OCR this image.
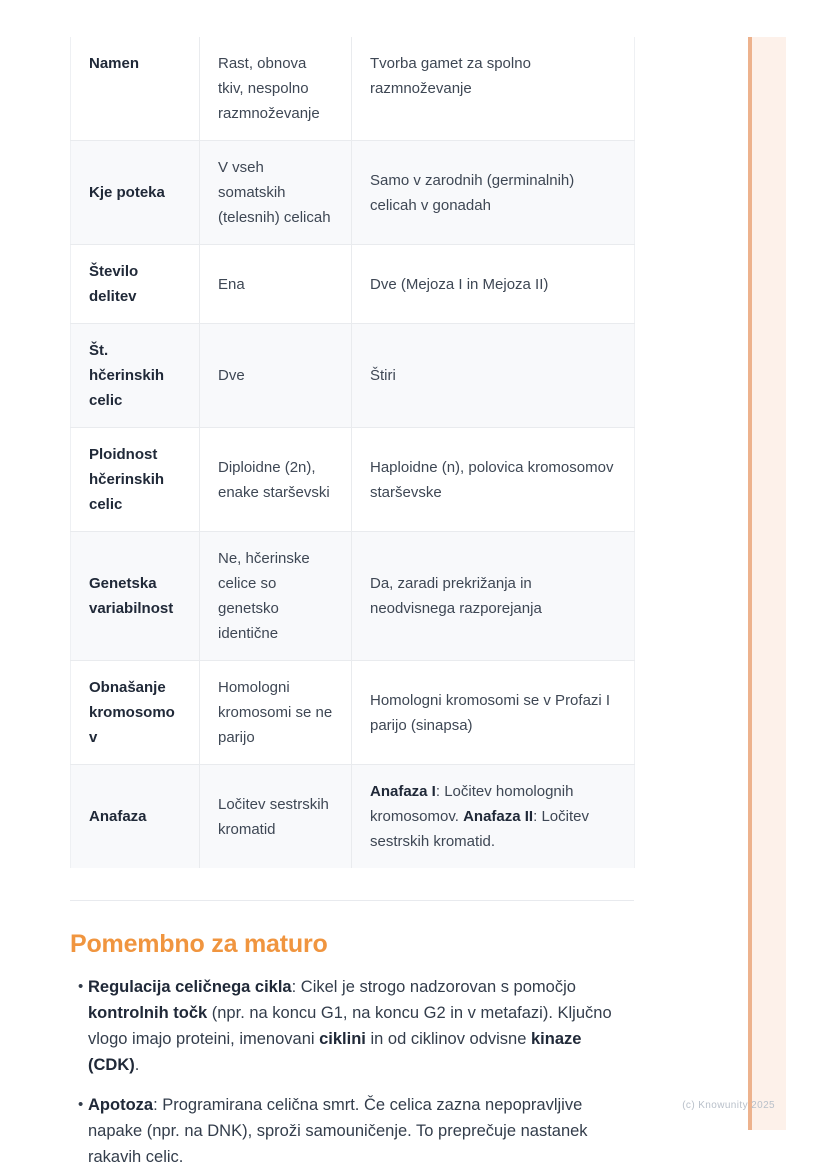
Namen	Rast, obnova tkiv, nespolno razmnoževanje	Tvorba gamet za spolno razmnoževanje
Kje poteka	V vseh somatskih (telesnih) celicah	Samo v zarodnih (germinalnih) celicah v gonadah
Število delitev	Ena	Dve (Mejoza I in Mejoza II)
Št. hčerinskih celic	Dve	Štiri
Ploidnost hčerinskih celic	Diploidne (2n), enake starševski	Haploidne (n), polovica kromosomov starševske
Genetska variabilnost	Ne, hčerinske celice so genetsko identične	Da, zaradi prekrižanja in neodvisnega razporejanja
Obnašanje kromosomov	Homologni kromosomi se ne parijo	Homologni kromosomi se v Profazi I parijo (sinapsa)
Anafaza	Ločitev sestrskih kromatid	Anafaza I: Ločitev homolognih kromosomov. Anafaza II: Ločitev sestrskih kromatid.
Pomembno za maturo
• Regulacija celičnega cikla: Cikel je strogo nadzorovan s pomočjo kontrolnih točk (npr. na koncu G1, na koncu G2 in v metafazi). Ključno vlogo imajo proteini, imenovani ciklini in od ciklinov odvisne kinaze (CDK).
• Apotoza: Programirana celična smrt. Če celica zazna nepopravljive napake (npr. na DNK), sproži samouničenje. To preprečuje nastanek rakavih celic.
(c) Knowunity 2025
